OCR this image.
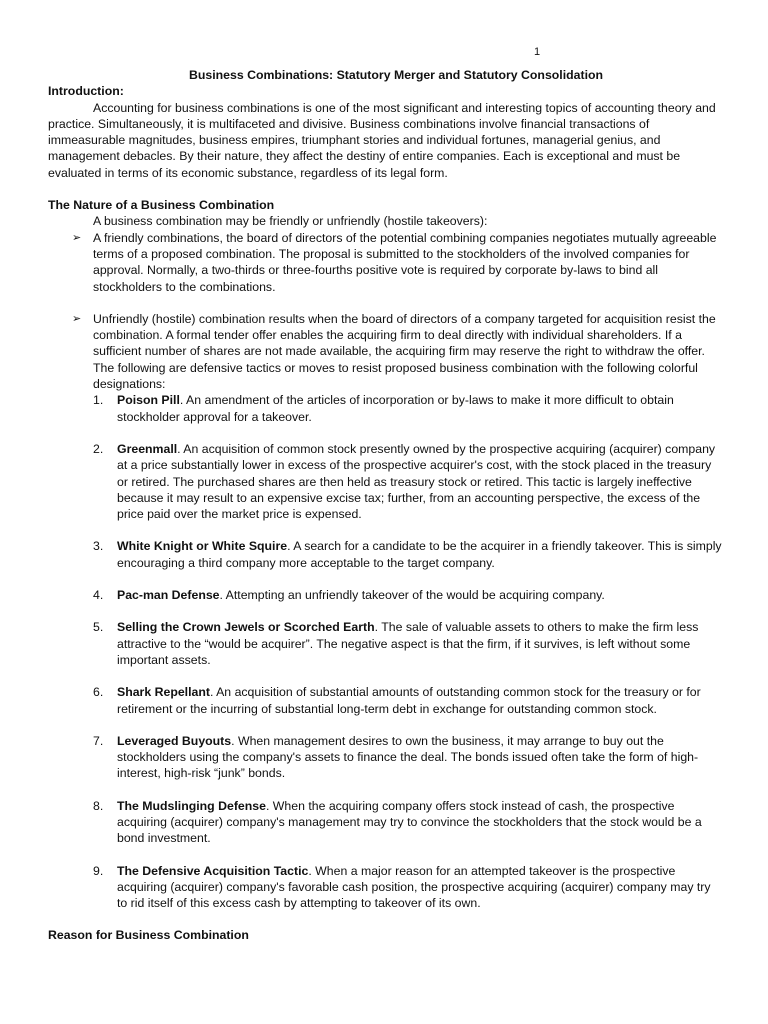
1

Business Combinations: Statutory Merger and Statutory Consolidation

Introduction:

Accounting for business combinations is one of the most significant and interesting topics of accounting theory and practice. Simultaneously, it is multifaceted and divisive. Business combinations involve financial transactions of immeasurable magnitudes, business empires, triumphant stories and individual fortunes, managerial genius, and management debacles. By their nature, they affect the destiny of entire companies. Each is exceptional and must be evaluated in terms of its economic substance, regardless of its legal form.

The Nature of a Business Combination

A business combination may be friendly or unfriendly (hostile takeovers):

➢ A friendly combinations, the board of directors of the potential combining companies negotiates mutually agreeable terms of a proposed combination. The proposal is submitted to the stockholders of the involved companies for approval. Normally, a two-thirds or three-fourths positive vote is required by corporate by-laws to bind all stockholders to the combinations.
➢ Unfriendly (hostile) combination results when the board of directors of a company targeted for acquisition resist the combination. A formal tender offer enables the acquiring firm to deal directly with individual shareholders. If a sufficient number of shares are not made available, the acquiring firm may reserve the right to withdraw the offer. The following are defensive tactics or moves to resist proposed business combination with the following colorful designations:
1. Poison Pill. An amendment of the articles of incorporation or by-laws to make it more difficult to obtain stockholder approval for a takeover.
2. Greenmall. An acquisition of common stock presently owned by the prospective acquiring (acquirer) company at a price substantially lower in excess of the prospective acquirer's cost, with the stock placed in the treasury or retired. The purchased shares are then held as treasury stock or retired. This tactic is largely ineffective because it may result to an expensive excise tax; further, from an accounting perspective, the excess of the price paid over the market price is expensed.
3. White Knight or White Squire. A search for a candidate to be the acquirer in a friendly takeover. This is simply encouraging a third company more acceptable to the target company.
4. Pac-man Defense. Attempting an unfriendly takeover of the would be acquiring company.
5. Selling the Crown Jewels or Scorched Earth. The sale of valuable assets to others to make the firm less attractive to the “would be acquirer”. The negative aspect is that the firm, if it survives, is left without some important assets.
6. Shark Repellant. An acquisition of substantial amounts of outstanding common stock for the treasury or for retirement or the incurring of substantial long-term debt in exchange for outstanding common stock.
7. Leveraged Buyouts. When management desires to own the business, it may arrange to buy out the stockholders using the company's assets to finance the deal. The bonds issued often take the form of high-interest, high-risk “junk” bonds.
8. The Mudslinging Defense. When the acquiring company offers stock instead of cash, the prospective acquiring (acquirer) company's management may try to convince the stockholders that the stock would be a bond investment.
9. The Defensive Acquisition Tactic. When a major reason for an attempted takeover is the prospective acquiring (acquirer) company's favorable cash position, the prospective acquiring (acquirer) company may try to rid itself of this excess cash by attempting to takeover of its own.

Reason for Business Combination
